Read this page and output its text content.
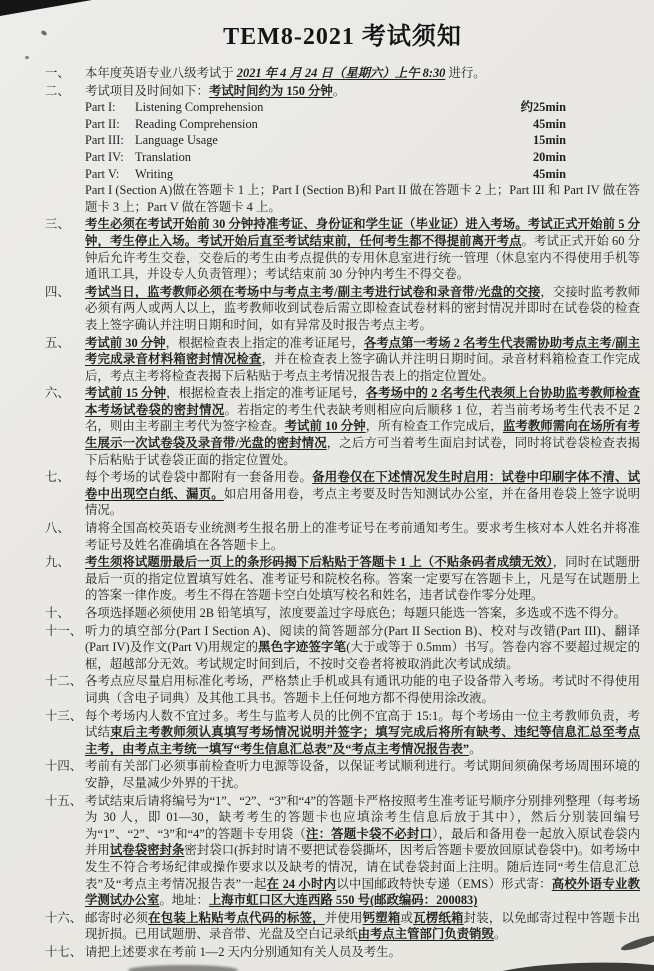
TEM8-2021 考试须知
一、	本年度英语专业八级考试于 2021 年 4 月 24 日（星期六）上午 8:30 进行。
二、	考试项目及时间如下：考试时间约为 150 分钟。
Part I:	Listening Comprehension	约25min
Part II:	Reading Comprehension	45min
Part III: Language Usage	15min
Part IV: Translation	20min
Part V:	Writing	45min
Part I (Section A)做在答题卡 1 上；Part I (Section B)和 Part II 做在答题卡 2 上；Part III 和 Part IV 做在答题卡 3 上；Part V 做在答题卡 4 上。
三、	考生必须在考试开始前 30 分钟持准考证、身份证和学生证（毕业证）进入考场。考试正式开始前 5 分钟，考生停止入场。考试开始后直至考试结束前，任何考生都不得提前离开考点。考试正式开始 60 分钟后允许考生交卷，交卷后的考生由考点提供的专用休息室进行统一管理（休息室内不得使用手机等通讯工具，并设专人负责管理）；考试结束前 30 分钟内考生不得交卷。
四、	考试当日，监考教师必须在考场中与考点主考/副主考进行试卷和录音带/光盘的交接，交接时监考教师必须有两人或两人以上，监考教师收到试卷后需立即检查试卷材料的密封情况并即时在试卷袋的检查表上签字确认并注明日期和时间，如有异常及时报告考点主考。
五、	考试前 30 分钟，根据检查表上指定的准考证尾号，各考点第一考场 2 名考生代表需协助考点主考/副主考完成录音材料箱密封情况检查，并在检查表上签字确认并注明日期时间。录音材料箱检查工作完成后，考点主考将检查表揭下后粘贴于考点主考情况报告表上的指定位置处。
六、	考试前 15 分钟，根据检查表上指定的准考证尾号，各考场中的 2 名考生代表须上台协助监考教师检查本考场试卷袋的密封情况。若指定的考生代表缺考则相应向后顺移 1 位，若当前考场考生代表不足 2 名，则由主考副主考代为签字检查。考试前 10 分钟，所有检查工作完成后，监考教师需向在场所有考生展示一次试卷袋及录音带/光盘的密封情况，之后方可当着考生面启封试卷，同时将试卷袋检查表揭下后粘贴于试卷袋正面的指定位置处。
七、	每个考场的试卷袋中都附有一套备用卷。备用卷仅在下述情况发生时启用：试卷中印刷字体不清、试卷中出现空白纸、漏页。如启用备用卷，考点主考要及时告知测试办公室，并在备用卷袋上签字说明情况。
八、	请将全国高校英语专业统测考生报名册上的准考证号在考前通知考生。要求考生核对本人姓名并将准考证号及姓名准确填在各答题卡上。
九、	考生须将试题册最后一页上的条形码揭下后粘贴于答题卡 1 上（不贴条码者成绩无效），同时在试题册最后一页的指定位置填写姓名、准考证号和院校名称。答案一定要写在答题卡上，凡是写在试题册上的答案一律作废。考生不得在答题卡空白处填写校名和姓名，违者试卷作零分处理。
十、	各项选择题必须使用 2B 铅笔填写，浓度要盖过字母底色；每题只能选一答案，多选或不选不得分。
十一、 听力的填空部分(Part I Section A)、阅读的简答题部分(Part II Section B)、校对与改错(Part III)、翻译(Part IV)及作文(Part V)用规定的黑色字迹签字笔(大于或等于 0.5mm）书写。答卷内容不要超过规定的框，超越部分无效。考试规定时间到后，不按时交卷者将被取消此次考试成绩。
十二、 各考点应尽量启用标准化考场，严格禁止手机或具有通讯功能的电子设备带入考场。考试时不得使用词典（含电子词典）及其他工具书。答题卡上任何地方都不得使用涂改液。
十三、 每个考场内人数不宜过多。考生与监考人员的比例不宜高于 15:1。每个考场由一位主考教师负责，考试结束后主考教师须认真填写考场情况说明并签字；填写完成后将所有缺考、违纪等信息汇总至考点主考，由考点主考统一填写“考生信息汇总表”及“考点主考情况报告表”。
十四、 考前有关部门必须事前检查听力电源等设备，以保证考试顺利进行。考试期间须确保考场周围环境的安静，尽量减少外界的干扰。
十五、 考试结束后请将编号为“1”、“2”、“3”和“4”的答题卡严格按照考生准考证号顺序分别排列整理（每考场为 30 人，即 01—30，缺考考生的答题卡也应填涂考生信息后放于其中），然后分别装回编号为“1”、“2”、“3”和“4”的答题卡专用袋（注：答题卡袋不必封口），最后和备用卷一起放入原试卷袋内并用试卷袋密封条密封袋口(拆封时请不要把试卷袋撕坏，因考后答题卡要放回原试卷袋中)。如考场中发生不符合考场纪律或操作要求以及缺考的情况，请在试卷袋封面上注明。随后连同“考生信息汇总表”及“考点主考情况报告表”一起在 24 小时内以中国邮政特快专递（EMS）形式寄：高校外语专业教学测试办公室。地址：上海市虹口区大连西路 550 号(邮政编码：200083)
十六、 邮寄时必须在包装上粘贴考点代码的标签，并使用钙塑箱或瓦楞纸箱封装，以免邮寄过程中答题卡出现折损。已用试题册、录音带、光盘及空白记录纸由考点主管部门负责销毁。
十七、 请把上述要求在考前 1—2 天内分别通知有关人员及考生。
